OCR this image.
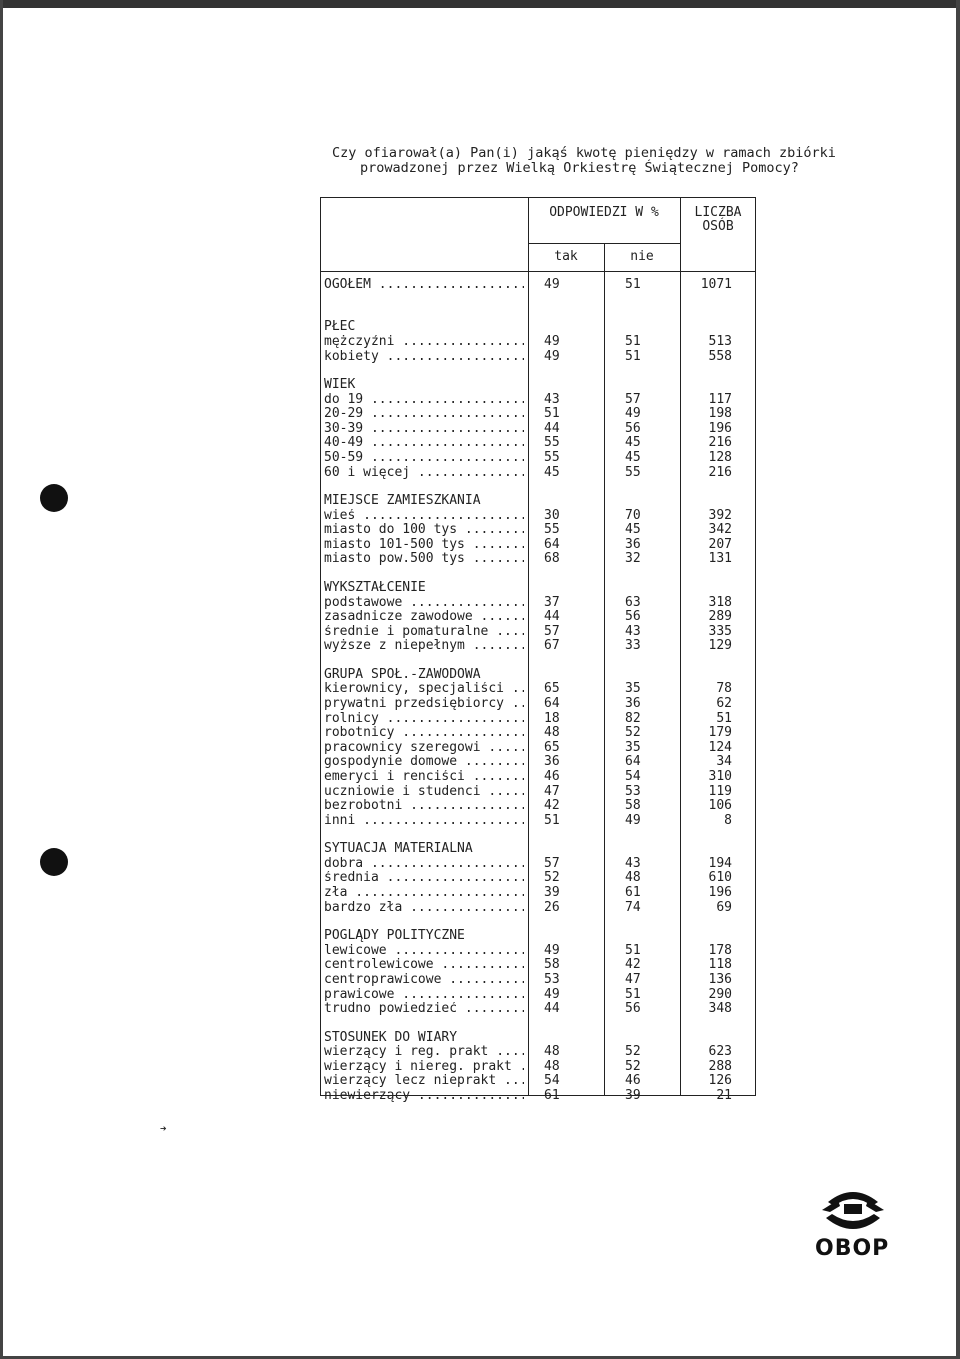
Czy ofiarował(a) Pan(i) jakąś kwotę pieniędzy w ramach zbiórki
prowadzonej przez Wielką Orkiestrę Świątecznej Pomocy?
ODPOWIEDZI W %	LICZBA
OSÓB
tak	nie
OGÓŁEM .....	49	51	1071
PŁEĆ
mężczyźni .....	49	51	513
kobiety .....	49	51	558
WIEK
do 19 .....	43	57	117
20-29 .....	51	49	198
30-39 .....	44	56	196
40-49 .....	55	45	216
50-59 .....	55	45	128
60 i więcej .....	45	55	216
MIEJSCE ZAMIESZKANIA
wieś .....	30	70	392
miasto do 100 tys .....	55	45	342
miasto 101-500 tys .....	64	36	207
miasto pow.500 tys .....	68	32	131
WYKSZTAŁCENIE
podstawowe .....	37	63	318
zasadnicze zawodowe .....	44	56	289
średnie i pomaturalne .....	57	43	335
wyższe z niepełnym .....	67	33	129
GRUPA SPOŁ.-ZAWODOWA
kierownicy, specjaliści .....	65	35	78
prywatni przedsiębiorcy .....	64	36	62
rolnicy .....	18	82	51
robotnicy .....	48	52	179
pracownicy szeregowi .....	65	35	124
gospodynie domowe .....	36	64	34
emeryci i renciści .....	46	54	310
uczniowie i studenci .....	47	53	119
bezrobotni .....	42	58	106
inni .....	51	49	8
SYTUACJA MATERIALNA
dobra .....	57	43	194
średnia .....	52	48	610
zła .....	39	61	196
bardzo zła .....	26	74	69
POGLĄDY POLITYCZNE
lewicowe .....	49	51	178
centrolewicowe .....	58	42	118
centroprawicowe .....	53	47	136
prawicowe .....	49	51	290
trudno powiedzieć .....	44	56	348
STOSUNEK DO WIARY
wierzący i reg. prakt .....	48	52	623
wierzący i niereg. prakt .....	48	52	288
wierzący lecz nieprakt .....	54	46	126
niewierzący .....	61	39	21
➔
OBOP
